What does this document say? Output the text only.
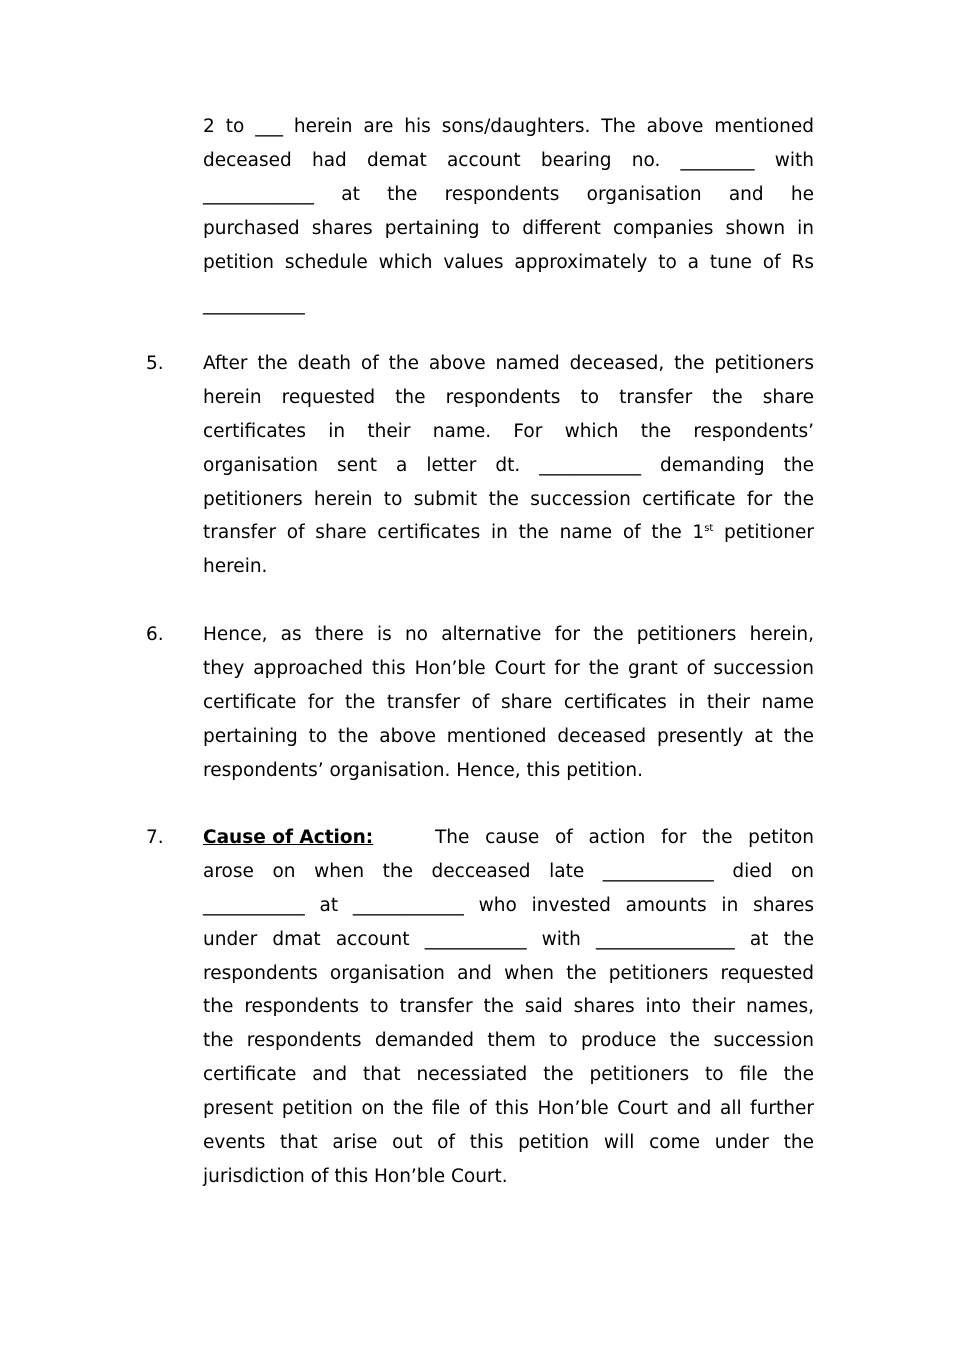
2 to ___ herein are his sons/daughters. The above mentioned
deceased had demat account bearing no. ________ with
____________ at the respondents organisation and he
purchased shares pertaining to different companies shown in
petition schedule which values approximately to a tune of Rs
___________
5. After the death of the above named deceased, the petitioners
herein requested the respondents to transfer the share
certificates in their name. For which the respondents’
organisation sent a letter dt. ___________ demanding the
petitioners herein to submit the succession certificate for the
transfer of share certificates in the name of the 1st petitioner
herein.
6. Hence, as there is no alternative for the petitioners herein,
they approached this Hon’ble Court for the grant of succession
certificate for the transfer of share certificates in their name
pertaining to the above mentioned deceased presently at the
respondents’ organisation. Hence, this petition.
7. Cause of Action:	The cause of action for the petiton
arose on when the deccease​d late ____________ died on
___________ at ____________ who invested amounts in shares
under dmat account ___________ with _______________ at the
respondents organisation and when the petitioners requested
the respondents to transfer the said shares into their names,
the respondents demanded them to produce the succession
certificate and that necessiated the petitioners to file the
present petition on the file of this Hon’ble Court and all further
events that arise out of this petition will come under the
jurisdiction of this Hon’ble Court.
